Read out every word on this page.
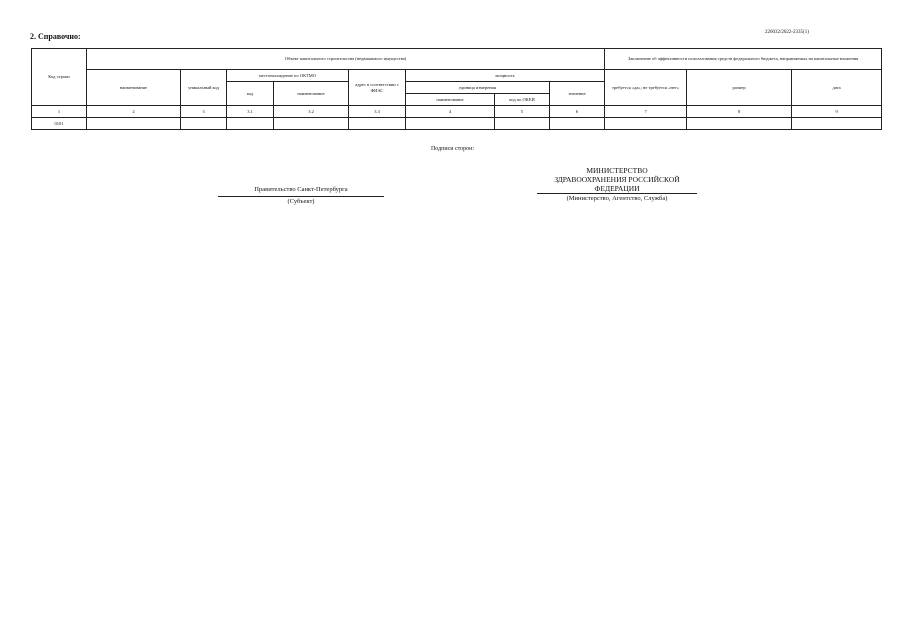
2. Справочно:	226032/2022-2335(1)
Код строки	Объект капитального строительства (недвижимого имущества)								Заключение об эффективности использования средств федерального бюджета, направляемых на капитальные вложения		
	наименование	уникальный код	местонахождение по ОКТМО		адрес в соответствии с ФИАС	мощность			требуется «да»; не требуется «нет»	размер	дата
			код	наименование		единица измерения		значение			
						наименование	код по ОКЕИ				
1	2	3	3.1	3.2	3.3	4	5	6	7	8	9
0101											
Подписи сторон:
Правительство Санкт-Петербурга
(Субъект)
МИНИСТЕРСТВО
ЗДРАВООХРАНЕНИЯ РОССИЙСКОЙ
ФЕДЕРАЦИИ
(Министерство, Агентство, Служба)
